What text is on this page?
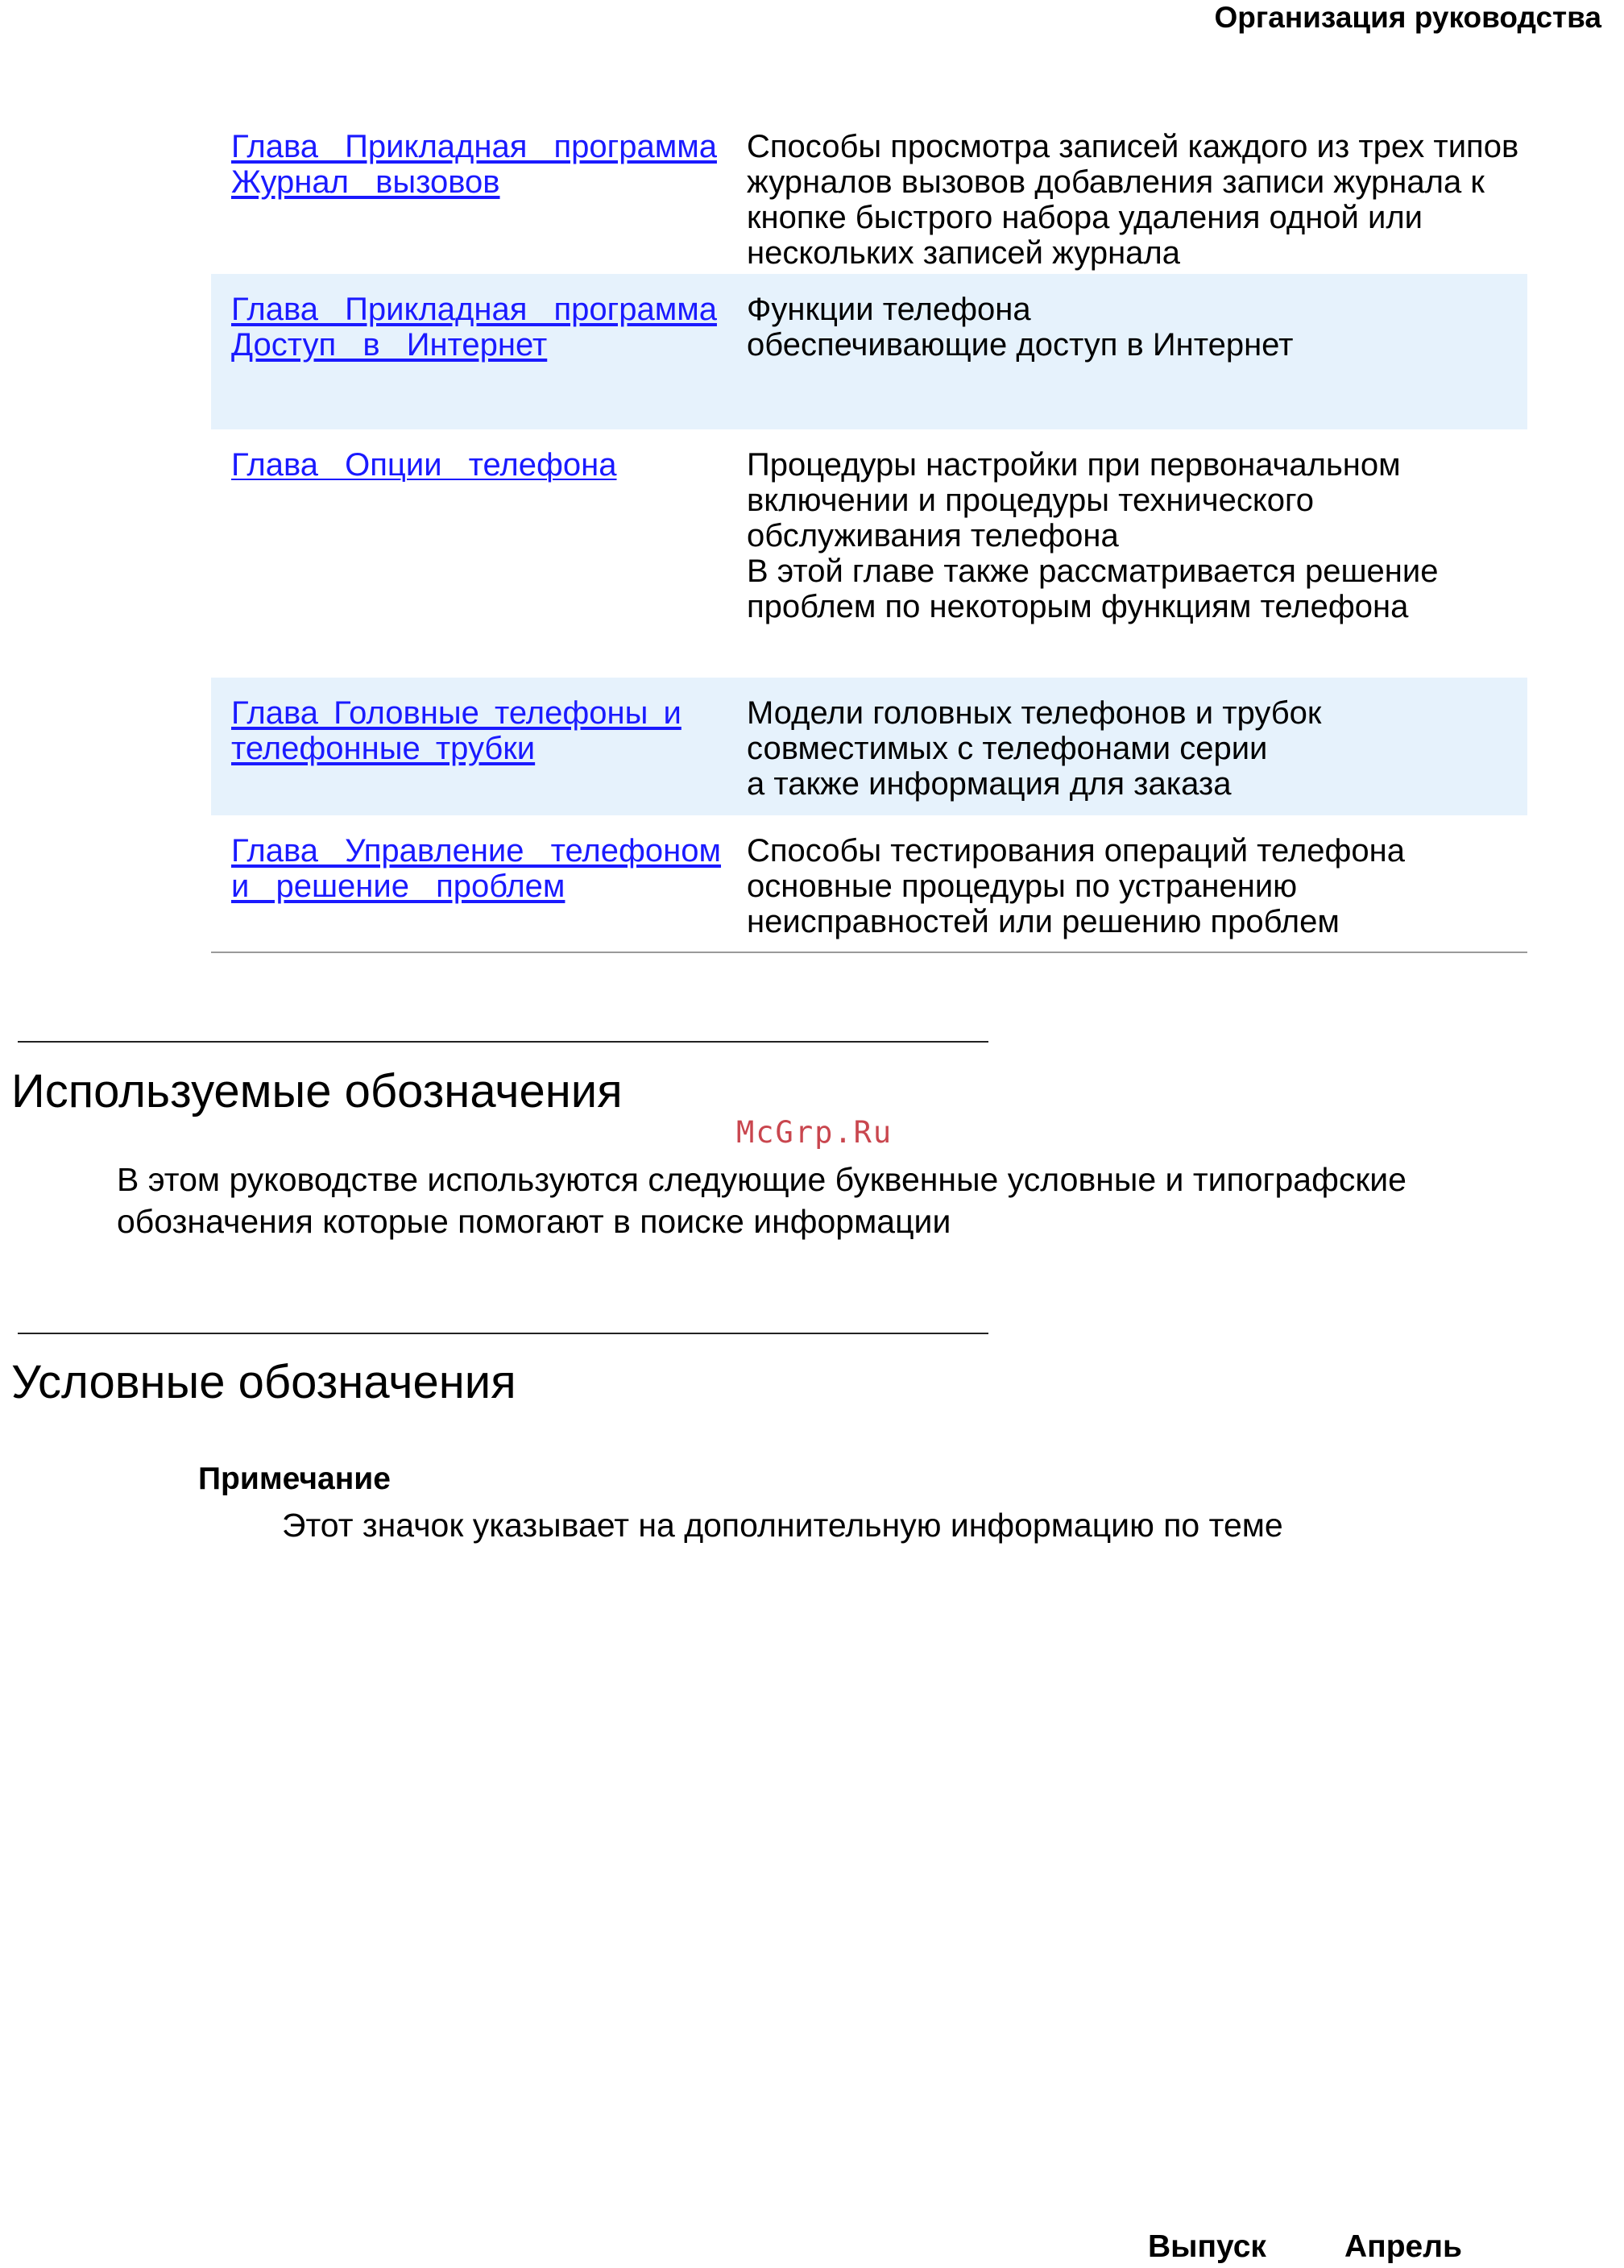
Организация руководства
Глава Прикладная программа Журнал вызовов
Способы просмотра записей каждого из трех типов журналов вызовов добавления записи журнала к кнопке быстрого набора удаления одной или нескольких записей журнала
Глава Прикладная программа Доступ в Интернет
Функции телефона
обеспечивающие доступ в Интернет
Глава Опции телефона	Процедуры настройки при первоначальном включении и процедуры технического обслуживания телефона
В этой главе также рассматривается решение проблем по некоторым функциям телефона
Глава Головные телефоны и телефонные трубки
Модели головных телефонов и трубок совместимых с телефонами серии
а также информация для заказа
Глава Управление телефоном и решение проблем
Способы тестирования операций телефона основные процедуры по устранению неисправностей или решению проблем
Используемые обозначения
McGrp.Ru

В этом руководстве используются следующие буквенные условные и типографские обозначения которые помогают в поиске информации

Условные обозначения

Примечание

Этот значок указывает на дополнительную информацию по теме

Выпуск Апрель
